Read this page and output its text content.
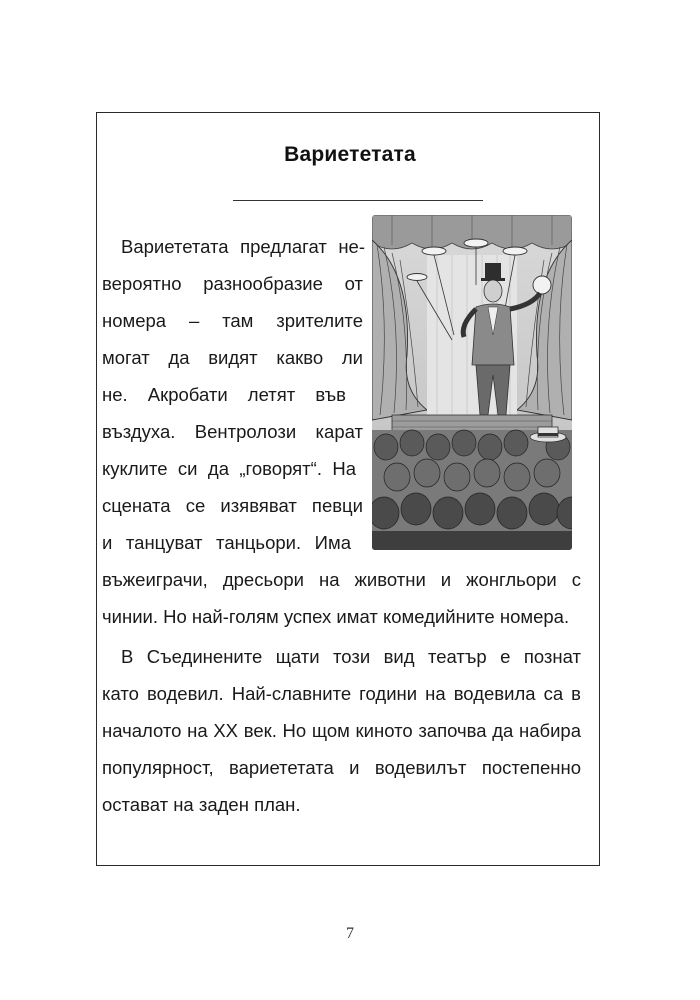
Вариететата
Вариететата предлагат не-
вероятно разнообразие от
номера – там зрителите
могат да видят какво ли
не. Акробати летят във
въздуха. Вентролози карат
куклите си да „говорят“. На
сцената се изявяват певци
и танцуват танцьори. Има
въжеиграчи, дресьори на животни и жонгльори с
чинии. Но най-голям успех имат комедийните номера.
В Съединените щати този вид театър е познат
като водевил. Най-славните години на водевила са в
началото на XX век. Но щом киното започва да набира
популярност, вариететата и водевилът постепенно
остават на заден план.
7
